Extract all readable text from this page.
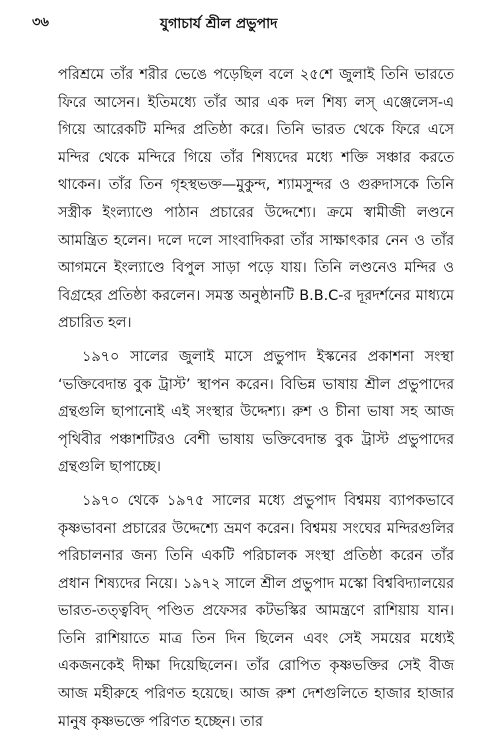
৩৬	যুগাচার্য শ্রীল প্রভুপাদ

পরিশ্রমে তাঁর শরীর ভেঙে পড়েছিল বলে ২৫শে জুলাই তিনি ভারতে ফিরে আসেন। ইতিমধ্যে তাঁর আর এক দল শিষ্য লস্ এঞ্জেলেস-এ গিয়ে আরেকটি মন্দির প্রতিষ্ঠা করে। তিনি ভারত থেকে ফিরে এসে মন্দির থেকে মন্দিরে গিয়ে তাঁর শিষ্যদের মধ্যে শক্তি সঞ্চার করতে থাকেন। তাঁর তিন গৃহস্থভক্ত—মুকুন্দ, শ্যামসুন্দর ও গুরুদাসকে তিনি সস্ত্রীক ইংল্যাণ্ডে পাঠান প্রচারের উদ্দেশ্যে। ক্রমে স্বামীজী লণ্ডনে আমন্ত্রিত হলেন। দলে দলে সাংবাদিকরা তাঁর সাক্ষাৎকার নেন ও তাঁর আগমনে ইংল্যাণ্ডে বিপুল সাড়া পড়ে যায়। তিনি লণ্ডনেও মন্দির ও বিগ্রহের প্রতিষ্ঠা করলেন। সমস্ত অনুষ্ঠানটি B.B.C-র দূরদর্শনের মাধ্যমে প্রচারিত হল।

১৯৭০ সালের জুলাই মাসে প্রভুপাদ ইস্কনের প্রকাশনা সংস্থা ‘ভক্তিবেদান্ত বুক ট্রাস্ট’ স্থাপন করেন। বিভিন্ন ভাষায় শ্রীল প্রভুপাদের গ্রন্থগুলি ছাপানোই এই সংস্থার উদ্দেশ্য। রুশ ও চীনা ভাষা সহ আজ পৃথিবীর পঞ্চাশটিরও বেশী ভাষায় ভক্তিবেদান্ত বুক ট্রাস্ট প্রভুপাদের গ্রন্থগুলি ছাপাচ্ছে।

১৯৭০ থেকে ১৯৭৫ সালের মধ্যে প্রভুপাদ বিশ্বময় ব্যাপকভাবে কৃষ্ণভাবনা প্রচারের উদ্দেশ্যে ভ্রমণ করেন। বিশ্বময় সংঘের মন্দিরগুলির পরিচালনার জন্য তিনি একটি পরিচালক সংস্থা প্রতিষ্ঠা করেন তাঁর প্রধান শিষ্যদের নিয়ে। ১৯৭২ সালে শ্রীল প্রভুপাদ মস্কো বিশ্ববিদ্যালয়ের ভারত-তত্ত্ববিদ্ পণ্ডিত প্রফেসর কটভস্কির আমন্ত্রণে রাশিয়ায় যান। তিনি রাশিয়াতে মাত্র তিন দিন ছিলেন এবং সেই সময়ের মধ্যেই একজনকেই দীক্ষা দিয়েছিলেন। তাঁর রোপিত কৃষ্ণভক্তির সেই বীজ আজ মহীরুহে পরিণত হয়েছে। আজ রুশ দেশগুলিতে হাজার হাজার মানুষ কৃষ্ণভক্তে পরিণত হচ্ছেন। তার
